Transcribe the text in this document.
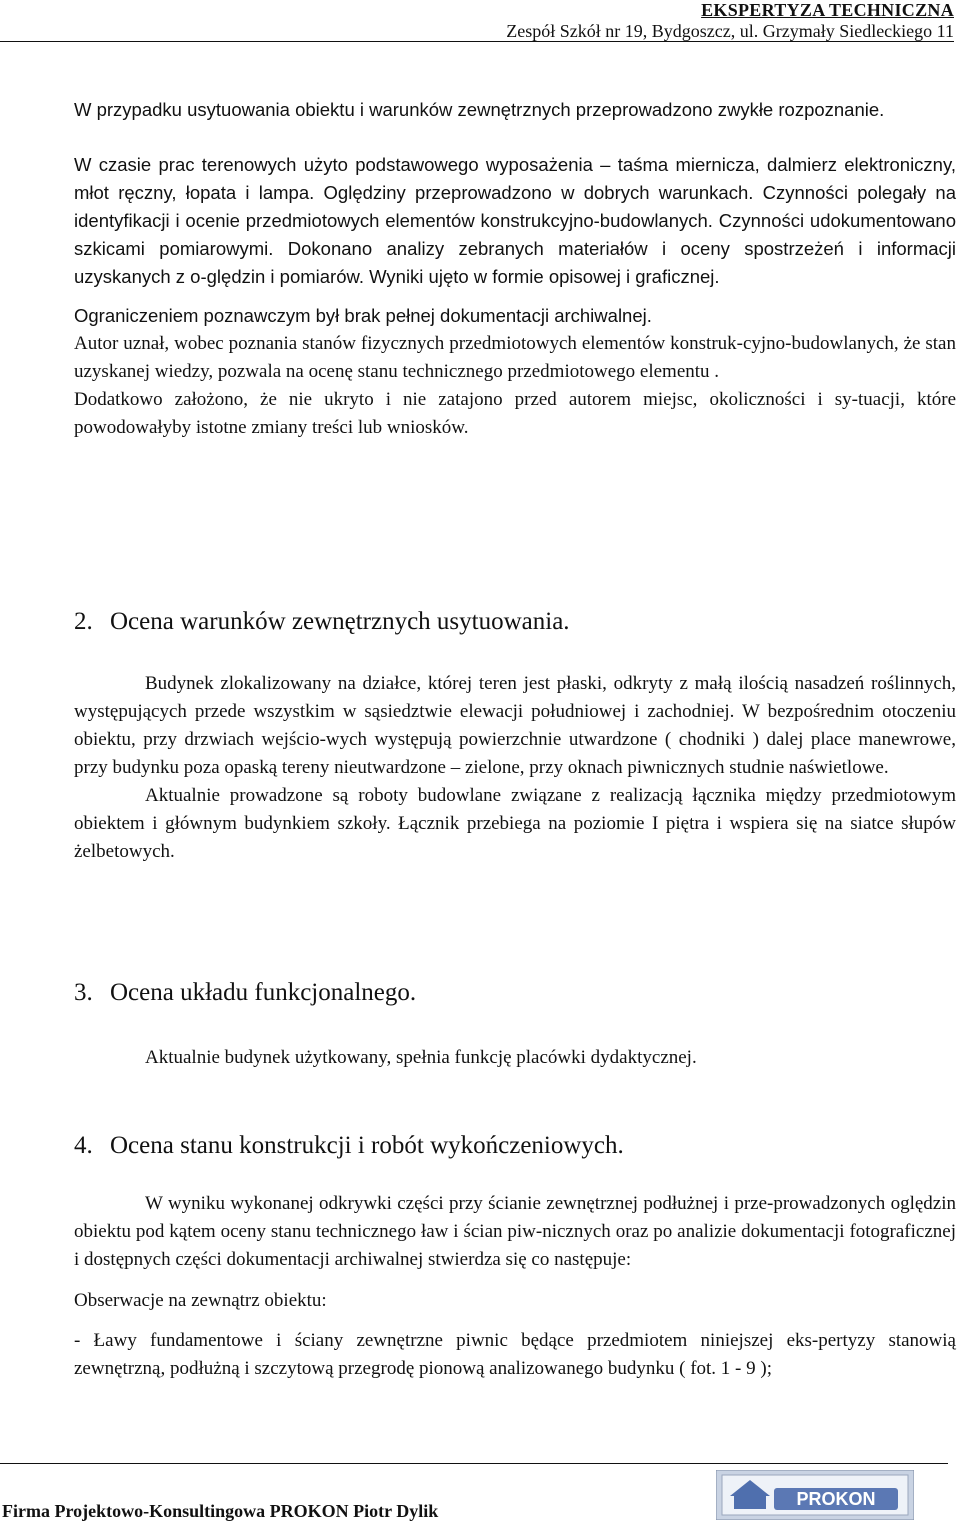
EKSPERTYZA TECHNICZNA
Zespół Szkół nr 19, Bydgoszcz, ul. Grzymały Siedleckiego 11

W przypadku usytuowania obiektu i warunków zewnętrznych przeprowadzono zwykłe rozpoznanie.

W czasie prac terenowych użyto podstawowego wyposażenia – taśma miernicza, dalmierz elektroniczny, młot ręczny, łopata i lampa. Oględziny przeprowadzono w dobrych warunkach. Czynności polegały na identyfikacji i ocenie przedmiotowych elementów konstrukcyjno-budowlanych. Czynności udokumentowano szkicami pomiarowymi. Dokonano analizy zebranych materiałów i oceny spostrzeżeń i informacji uzyskanych z o-ględzin i pomiarów. Wyniki ujęto w formie opisowej i graficznej.

Ograniczeniem poznawczym był brak pełnej dokumentacji archiwalnej.

Autor uznał, wobec poznania stanów fizycznych przedmiotowych elementów konstruk-cyjno-budowlanych, że stan uzyskanej wiedzy, pozwala na ocenę stanu technicznego przedmiotowego elementu .

Dodatkowo założono, że nie ukryto i nie zatajono przed autorem miejsc, okoliczności i sy-tuacji, które powodowałyby istotne zmiany treści lub wniosków.

2. Ocena warunków zewnętrznych usytuowania.

Budynek zlokalizowany na działce, której teren jest płaski, odkryty z małą ilością nasadzeń roślinnych, występujących przede wszystkim w sąsiedztwie elewacji południowej i zachodniej. W bezpośrednim otoczeniu obiektu, przy drzwiach wejścio-wych występują powierzchnie utwardzone ( chodniki ) dalej place manewrowe, przy budynku poza opaską tereny nieutwardzone – zielone, przy oknach piwnicznych studnie naświetlowe.

Aktualnie prowadzone są roboty budowlane związane z realizacją łącznika między przedmiotowym obiektem i głównym budynkiem szkoły. Łącznik przebiega na poziomie I piętra i wspiera się na siatce słupów żelbetowych.

3. Ocena układu funkcjonalnego.

Aktualnie budynek użytkowany, spełnia funkcję placówki dydaktycznej.

4. Ocena stanu konstrukcji i robót wykończeniowych.

W wyniku wykonanej odkrywki części przy ścianie zewnętrznej podłużnej i prze-prowadzonych oględzin obiektu pod kątem oceny stanu technicznego ław i ścian piw-nicznych oraz po analizie dokumentacji fotograficznej i dostępnych części dokumentacji archiwalnej stwierdza się co następuje:

Obserwacje na zewnątrz obiektu:

- Ławy fundamentowe i ściany zewnętrzne piwnic będące przedmiotem niniejszej eks-pertyzy stanowią zewnętrzną, podłużną i szczytową przegrodę pionową analizowanego budynku ( fot. 1 - 9 );

Firma Projektowo-Konsultingowa PROKON Piotr Dylik
PROKON
